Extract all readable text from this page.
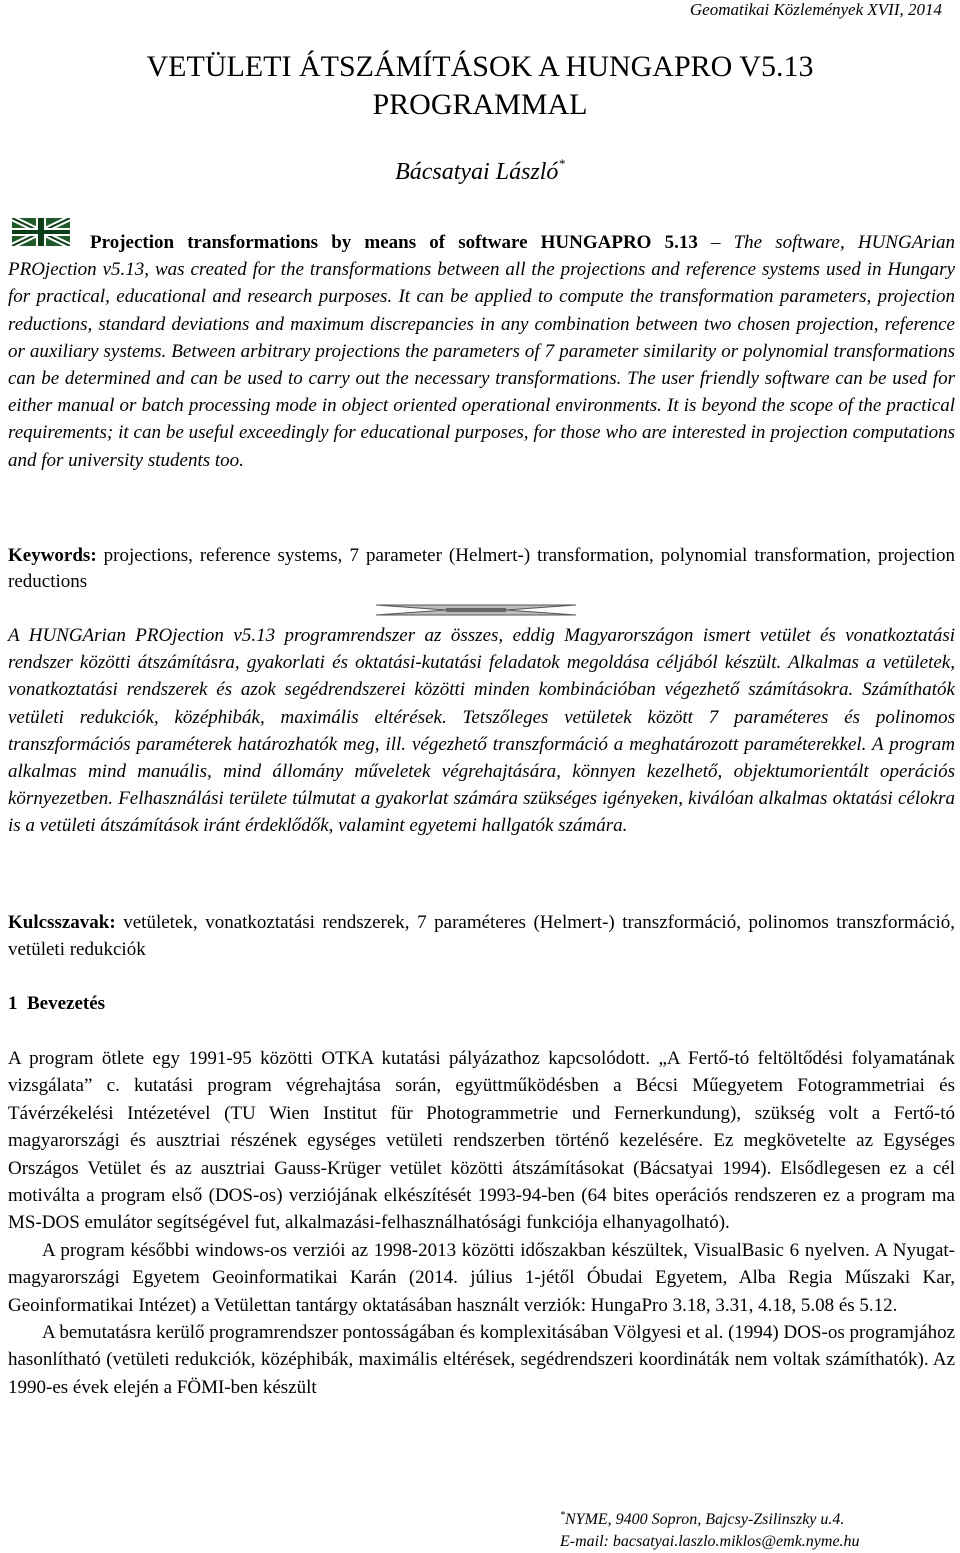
Geomatikai Közlemények XVII, 2014
VETÜLETI ÁTSZÁMÍTÁSOK A HUNGAPRO V5.13
PROGRAMMAL
Bácsatyai László*
Projection transformations by means of software HUNGAPRO 5.13 – The software, HUNGArian PROjection v5.13, was created for the transformations between all the projections and reference systems used in Hungary for practical, educational and research purposes. It can be applied to compute the transformation parameters, projection reductions, standard deviations and maximum discrepancies in any combination between two chosen projection, reference or auxiliary systems. Between arbitrary projections the parameters of 7 parameter similarity or polynomial transformations can be determined and can be used to carry out the necessary transformations. The user friendly software can be used for either manual or batch processing mode in object oriented operational environments. It is beyond the scope of the practical requirements; it can be useful exceedingly for educational purposes, for those who are interested in projection computations and for university students too.
Keywords: projections, reference systems, 7 parameter (Helmert-) transformation, polynomial transformation, projection reductions
A HUNGArian PROjection v5.13 programrendszer az összes, eddig Magyarországon ismert vetület és vonatkoztatási rendszer közötti átszámításra, gyakorlati és oktatási-kutatási feladatok megoldása céljából készült. Alkalmas a vetületek, vonatkoztatási rendszerek és azok segédrendszerei közötti minden kombinációban végezhető számításokra. Számíthatók vetületi redukciók, középhibák, maximális eltérések. Tetszőleges vetületek között 7 paraméteres és polinomos transzformációs paraméterek határozhatók meg, ill. végezhető transzformáció a meghatározott paraméterekkel. A program alkalmas mind manuális, mind állomány műveletek végrehajtására, könnyen kezelhető, objektumorientált operációs környezetben. Felhasználási területe túlmutat a gyakorlat számára szükséges igényeken, kiválóan alkalmas oktatási célokra is a vetületi átszámítások iránt érdeklődők, valamint egyetemi hallgatók számára.
Kulcsszavak: vetületek, vonatkoztatási rendszerek, 7 paraméteres (Helmert-) transzformáció, polinomos transzformáció, vetületi redukciók
1 Bevezetés

A program ötlete egy 1991-95 közötti OTKA kutatási pályázathoz kapcsolódott. „A Fertő-tó feltöltődési folyamatának vizsgálata” c. kutatási program végrehajtása során, együttműködésben a Bécsi Műegyetem Fotogrammetriai és Távérzékelési Intézetével (TU Wien Institut für Photogrammetrie und Fernerkundung), szükség volt a Fertő-tó magyarországi és ausztriai részének egységes vetületi rendszerben történő kezelésére. Ez megkövetelte az Egységes Országos Vetület és az ausztriai Gauss-Krüger vetület közötti átszámításokat (Bácsatyai 1994). Elsődlegesen ez a cél motiválta a program első (DOS-os) verziójának elkészítését 1993-94-ben (64 bites operációs rendszeren ez a program ma MS-DOS emulátor segítségével fut, alkalmazási-felhasználhatósági funkciója elhanyagolható).

A program későbbi windows-os verziói az 1998-2013 közötti időszakban készültek, VisualBasic 6 nyelven. A Nyugat-magyarországi Egyetem Geoinformatikai Karán (2014. július 1-jétől Óbudai Egyetem, Alba Regia Műszaki Kar, Geoinformatikai Intézet) a Vetülettan tantárgy oktatásában használt verziók: HungaPro 3.18, 3.31, 4.18, 5.08 és 5.12.

A bemutatásra kerülő programrendszer pontosságában és komplexitásában Völgyesi et al. (1994) DOS-os programjához hasonlítható (vetületi redukciók, középhibák, maximális eltérések, segédrendszeri koordináták nem voltak számíthatók). Az 1990-es évek elején a FÖMI-ben készült

*NYME, 9400 Sopron, Bajcsy-Zsilinszky u.4.
E-mail: bacsatyai.laszlo.miklos@emk.nyme.hu
